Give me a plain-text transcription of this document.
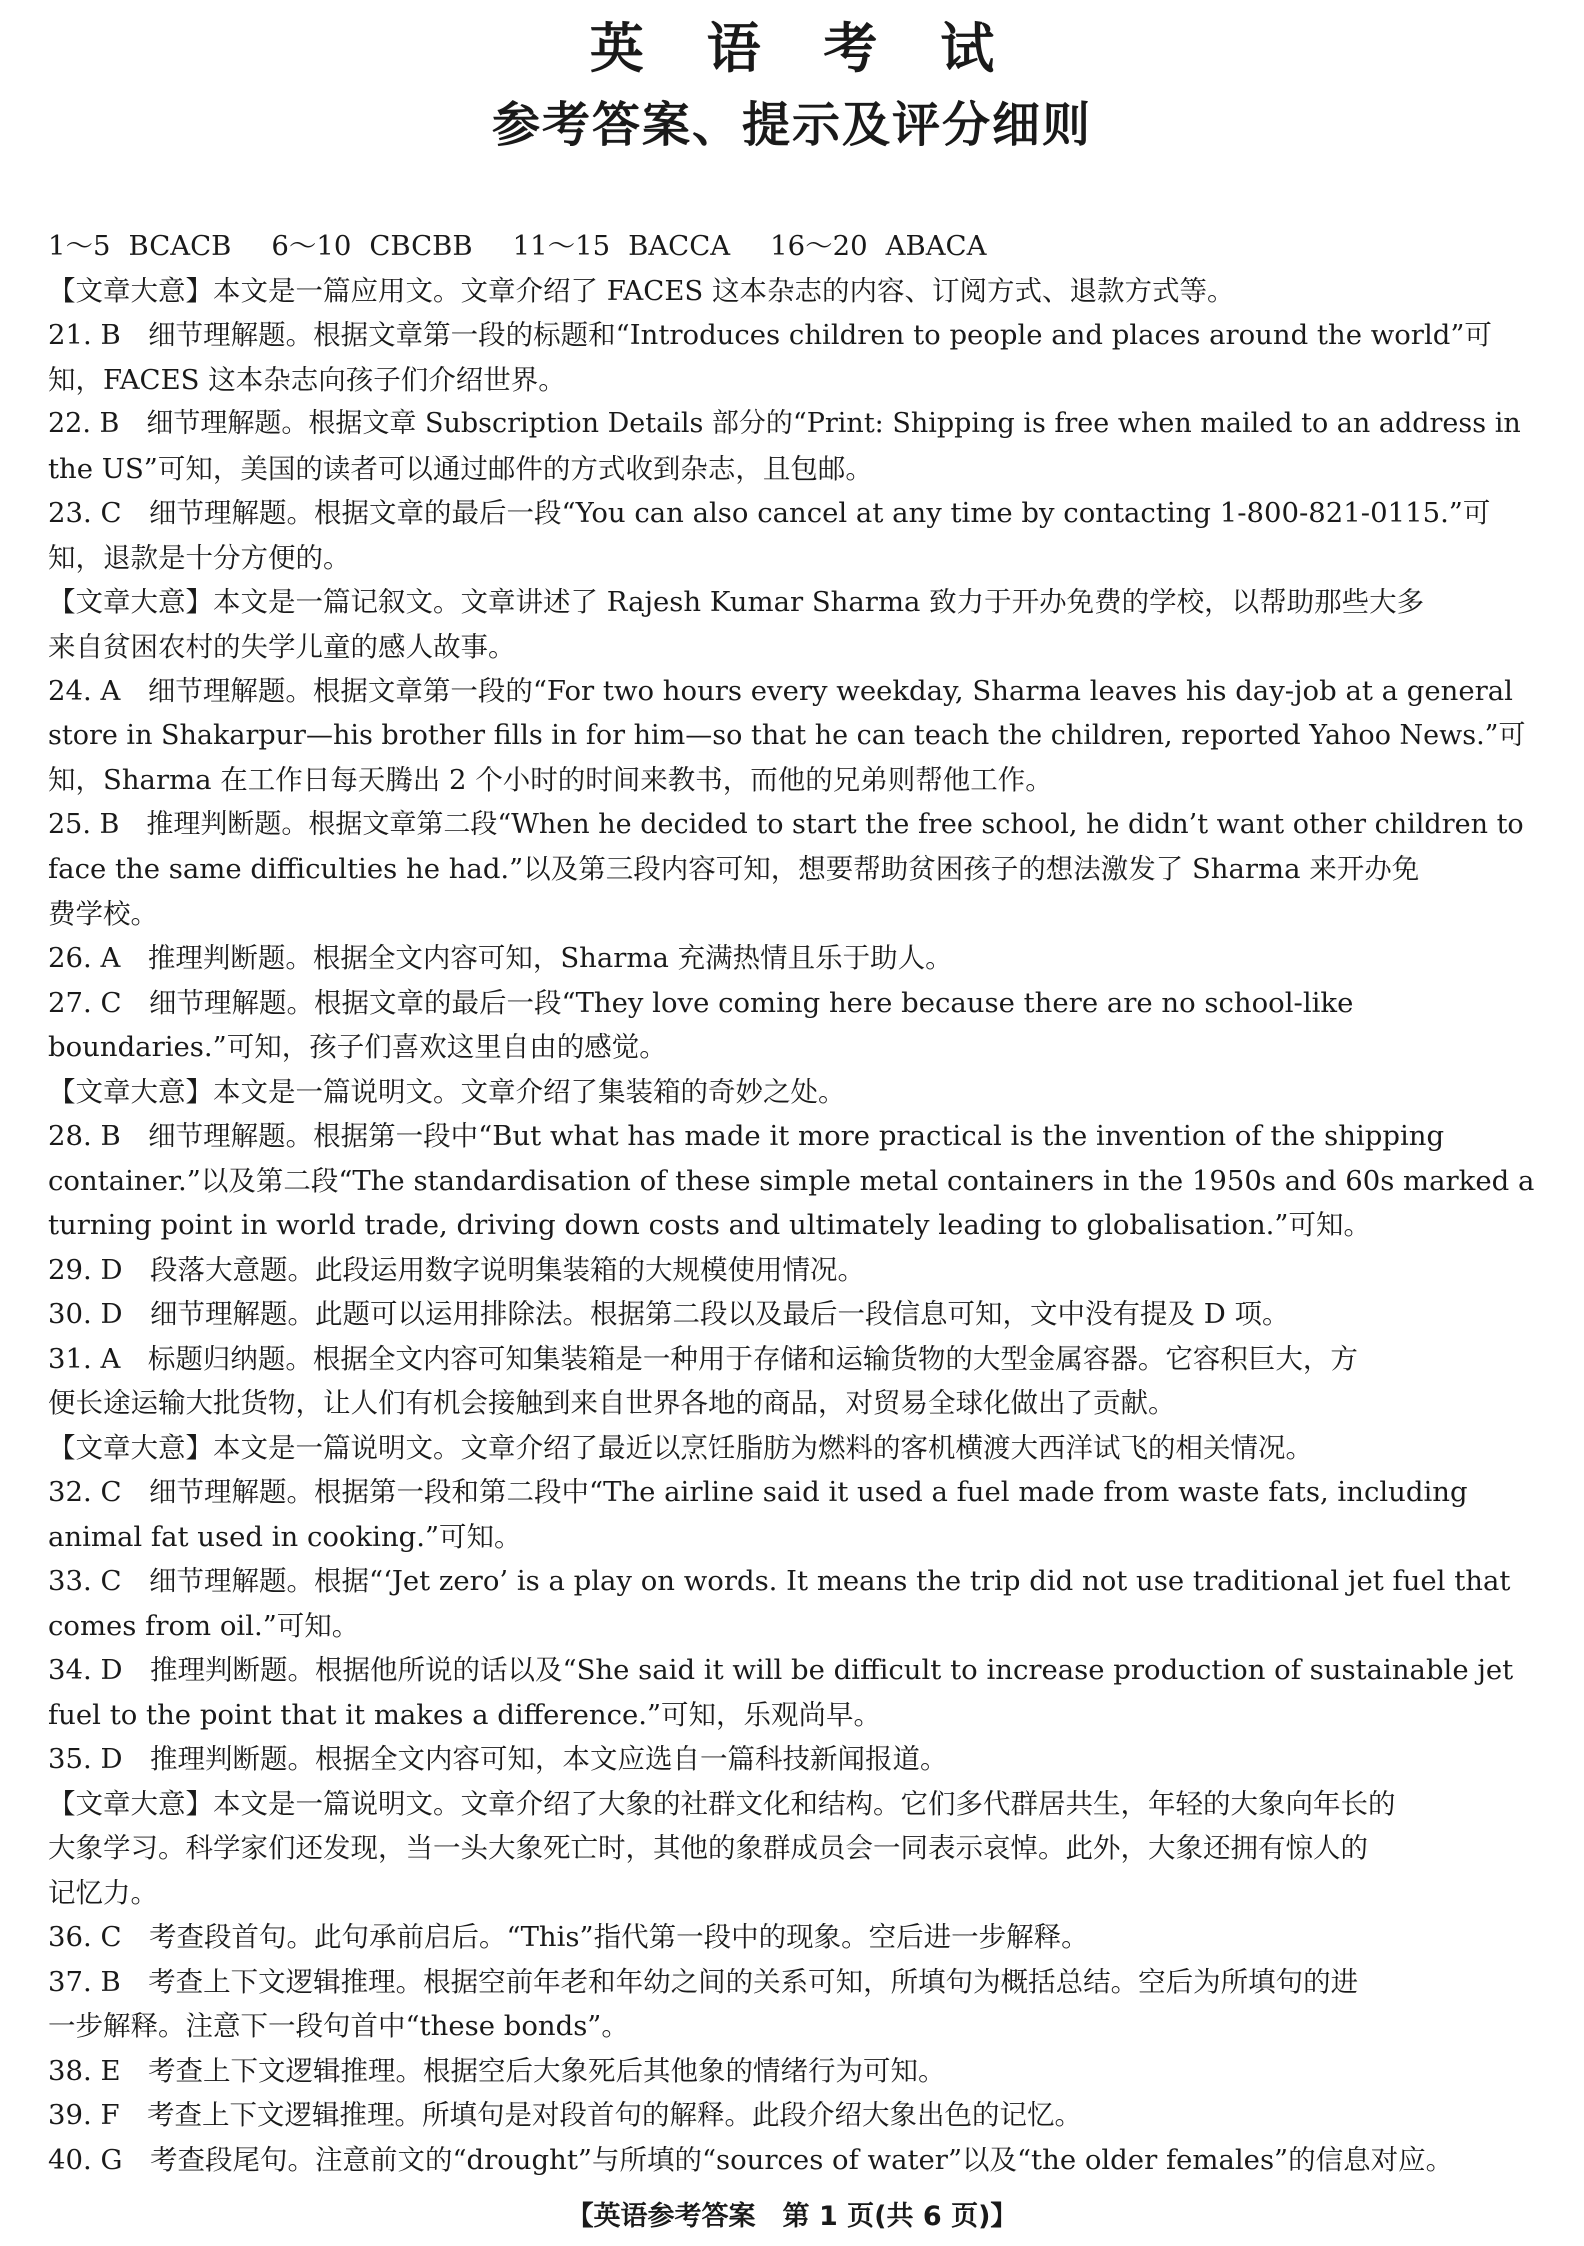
英 语 考 试
参考答案、提示及评分细则
1～5 BCACB 6～10 CBCBB 11～15 BACCA 16～20 ABACA
【文章大意】本文是一篇应用文。文章介绍了 FACES 这本杂志的内容、订阅方式、退款方式等。
21. B　细节理解题。根据文章第一段的标题和“Introduces children to people and places around the world”可
知，FACES 这本杂志向孩子们介绍世界。
22. B　细节理解题。根据文章 Subscription Details 部分的“Print: Shipping is free when mailed to an address in
the US”可知，美国的读者可以通过邮件的方式收到杂志，且包邮。
23. C　细节理解题。根据文章的最后一段“You can also cancel at any time by contacting 1-800-821-0115.”可
知，退款是十分方便的。
【文章大意】本文是一篇记叙文。文章讲述了 Rajesh Kumar Sharma 致力于开办免费的学校，以帮助那些大多
来自贫困农村的失学儿童的感人故事。
24. A　细节理解题。根据文章第一段的“For two hours every weekday, Sharma leaves his day-job at a general
store in Shakarpur—his brother fills in for him—so that he can teach the children, reported Yahoo News.”可
知，Sharma 在工作日每天腾出 2 个小时的时间来教书，而他的兄弟则帮他工作。
25. B　推理判断题。根据文章第二段“When he decided to start the free school, he didn’t want other children to
face the same difficulties he had.”以及第三段内容可知，想要帮助贫困孩子的想法激发了 Sharma 来开办免
费学校。
26. A　推理判断题。根据全文内容可知，Sharma 充满热情且乐于助人。
27. C　细节理解题。根据文章的最后一段“They love coming here because there are no school-like
boundaries.”可知，孩子们喜欢这里自由的感觉。
【文章大意】本文是一篇说明文。文章介绍了集装箱的奇妙之处。
28. B　细节理解题。根据第一段中“But what has made it more practical is the invention of the shipping
container.”以及第二段“The standardisation of these simple metal containers in the 1950s and 60s marked a
turning point in world trade, driving down costs and ultimately leading to globalisation.”可知。
29. D　段落大意题。此段运用数字说明集装箱的大规模使用情况。
30. D　细节理解题。此题可以运用排除法。根据第二段以及最后一段信息可知，文中没有提及 D 项。
31. A　标题归纳题。根据全文内容可知集装箱是一种用于存储和运输货物的大型金属容器。它容积巨大，方
便长途运输大批货物，让人们有机会接触到来自世界各地的商品，对贸易全球化做出了贡献。
【文章大意】本文是一篇说明文。文章介绍了最近以烹饪脂肪为燃料的客机横渡大西洋试飞的相关情况。
32. C　细节理解题。根据第一段和第二段中“The airline said it used a fuel made from waste fats, including
animal fat used in cooking.”可知。
33. C　细节理解题。根据“‘Jet zero’ is a play on words. It means the trip did not use traditional jet fuel that
comes from oil.”可知。
34. D　推理判断题。根据他所说的话以及“She said it will be difficult to increase production of sustainable jet
fuel to the point that it makes a difference.”可知，乐观尚早。
35. D　推理判断题。根据全文内容可知，本文应选自一篇科技新闻报道。
【文章大意】本文是一篇说明文。文章介绍了大象的社群文化和结构。它们多代群居共生，年轻的大象向年长的
大象学习。科学家们还发现，当一头大象死亡时，其他的象群成员会一同表示哀悼。此外，大象还拥有惊人的
记忆力。
36. C　考查段首句。此句承前启后。“This”指代第一段中的现象。空后进一步解释。
37. B　考查上下文逻辑推理。根据空前年老和年幼之间的关系可知，所填句为概括总结。空后为所填句的进
一步解释。注意下一段句首中“these bonds”。
38. E　考查上下文逻辑推理。根据空后大象死后其他象的情绪行为可知。
39. F　考查上下文逻辑推理。所填句是对段首句的解释。此段介绍大象出色的记忆。
40. G　考查段尾句。注意前文的“drought”与所填的“sources of water”以及“the older females”的信息对应。
【英语参考答案　第 1 页(共 6 页)】
